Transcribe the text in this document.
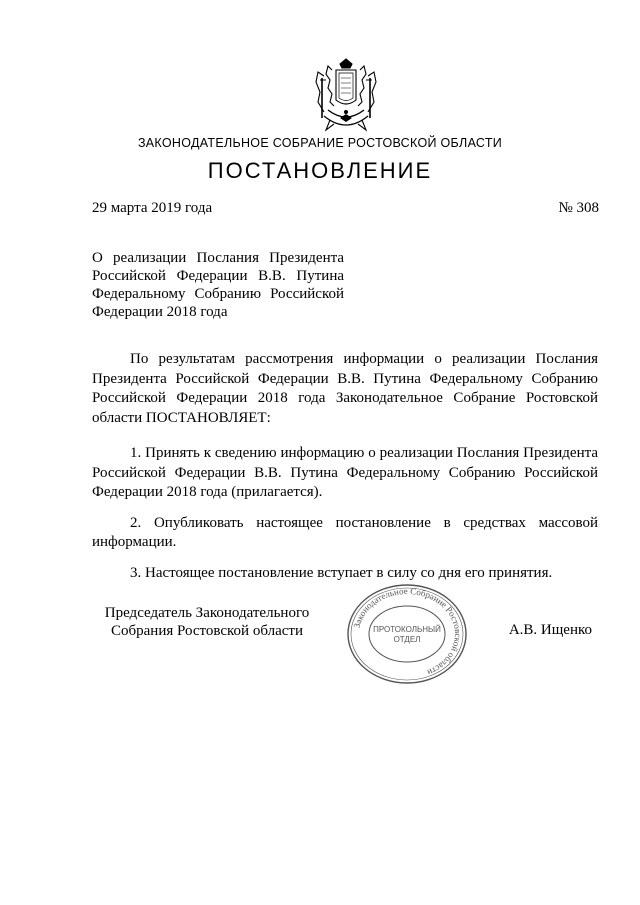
ЗАКОНОДАТЕЛЬНОЕ СОБРАНИЕ РОСТОВСКОЙ ОБЛАСТИ
ПОСТАНОВЛЕНИЕ
29 марта 2019 года	№ 308
О реализации Послания Президента Российской Федерации В.В. Путина Федеральному Собранию Российской Федерации 2018 года

По результатам рассмотрения информации о реализации Послания Президента Российской Федерации В.В. Путина Федеральному Собранию Российской Федерации 2018 года Законодательное Собрание Ростовской области ПОСТАНОВЛЯЕТ:

1. Принять к сведению информацию о реализации Послания Президента Российской Федерации В.В. Путина Федеральному Собранию Российской Федерации 2018 года (прилагается).

2. Опубликовать настоящее постановление в средствах массовой информации.

3. Настоящее постановление вступает в силу со дня его принятия.

Председатель Законодательного
Собрания Ростовской области	Законодательное Собрание Ростовской области
ПРОТОКОЛЬНЫЙ
ОТДЕЛ
А.В. Ищенко
